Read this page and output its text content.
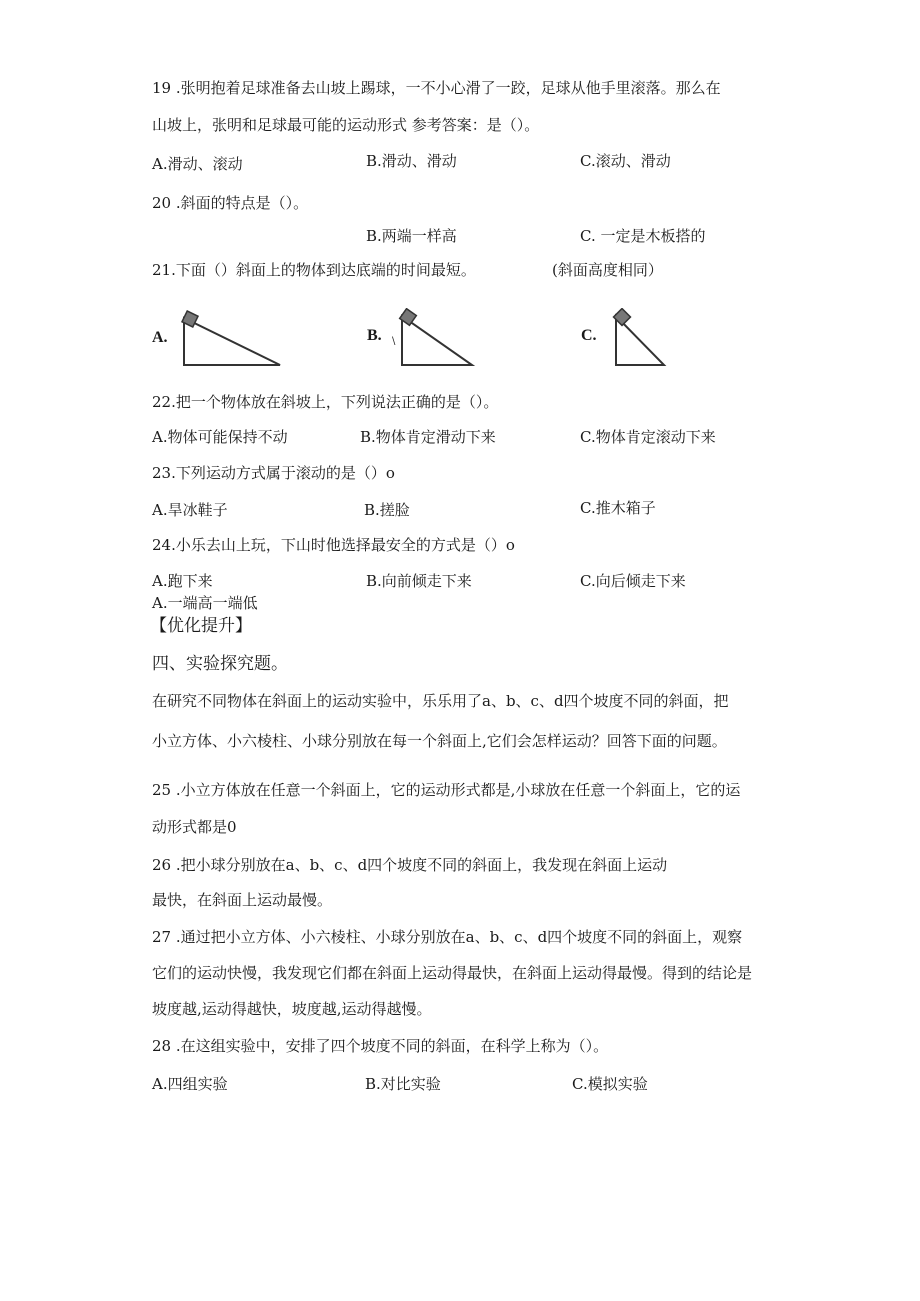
19 .张明抱着足球准备去山坡上踢球，一不小心滑了一跤，足球从他手里滚落。那么在
山坡上，张明和足球最可能的运动形式 参考答案：是（）。
A.滑动、滚动	B.滑动、滑动	C.滚动、滑动
20 .斜面的特点是（）。
B.两端一样高	C. 一定是木板搭的
21.下面（）斜面上的物体到达底端的时间最短。	(斜面高度相同）
A.	B. \	C.
22.把一个物体放在斜坡上，下列说法正确的是（）。
A.物体可能保持不动	B.物体肯定滑动下来	C.物体肯定滚动下来
23.下列运动方式属于滚动的是（）o
A.旱冰鞋子	B.搓脸	C.推木箱子
24.小乐去山上玩，下山时他选择最安全的方式是（）o
A.跑下来	B.向前倾走下来	C.向后倾走下来
A.一端高一端低
【优化提升】
四、实验探究题。
在研究不同物体在斜面上的运动实验中，乐乐用了a、b、c、d四个坡度不同的斜面，把
小立方体、小六棱柱、小球分别放在每一个斜面上,它们会怎样运动？回答下面的问题。
25 .小立方体放在任意一个斜面上，它的运动形式都是,小球放在任意一个斜面上，它的运
动形式都是0
26 .把小球分别放在a、b、c、d四个坡度不同的斜面上，我发现在斜面上运动
最快，在斜面上运动最慢。
27 .通过把小立方体、小六棱柱、小球分别放在a、b、c、d四个坡度不同的斜面上，观察
它们的运动快慢，我发现它们都在斜面上运动得最快，在斜面上运动得最慢。得到的结论是
坡度越,运动得越快，坡度越,运动得越慢。
28 .在这组实验中，安排了四个坡度不同的斜面，在科学上称为（）。
A.四组实验	B.对比实验	C.模拟实验
